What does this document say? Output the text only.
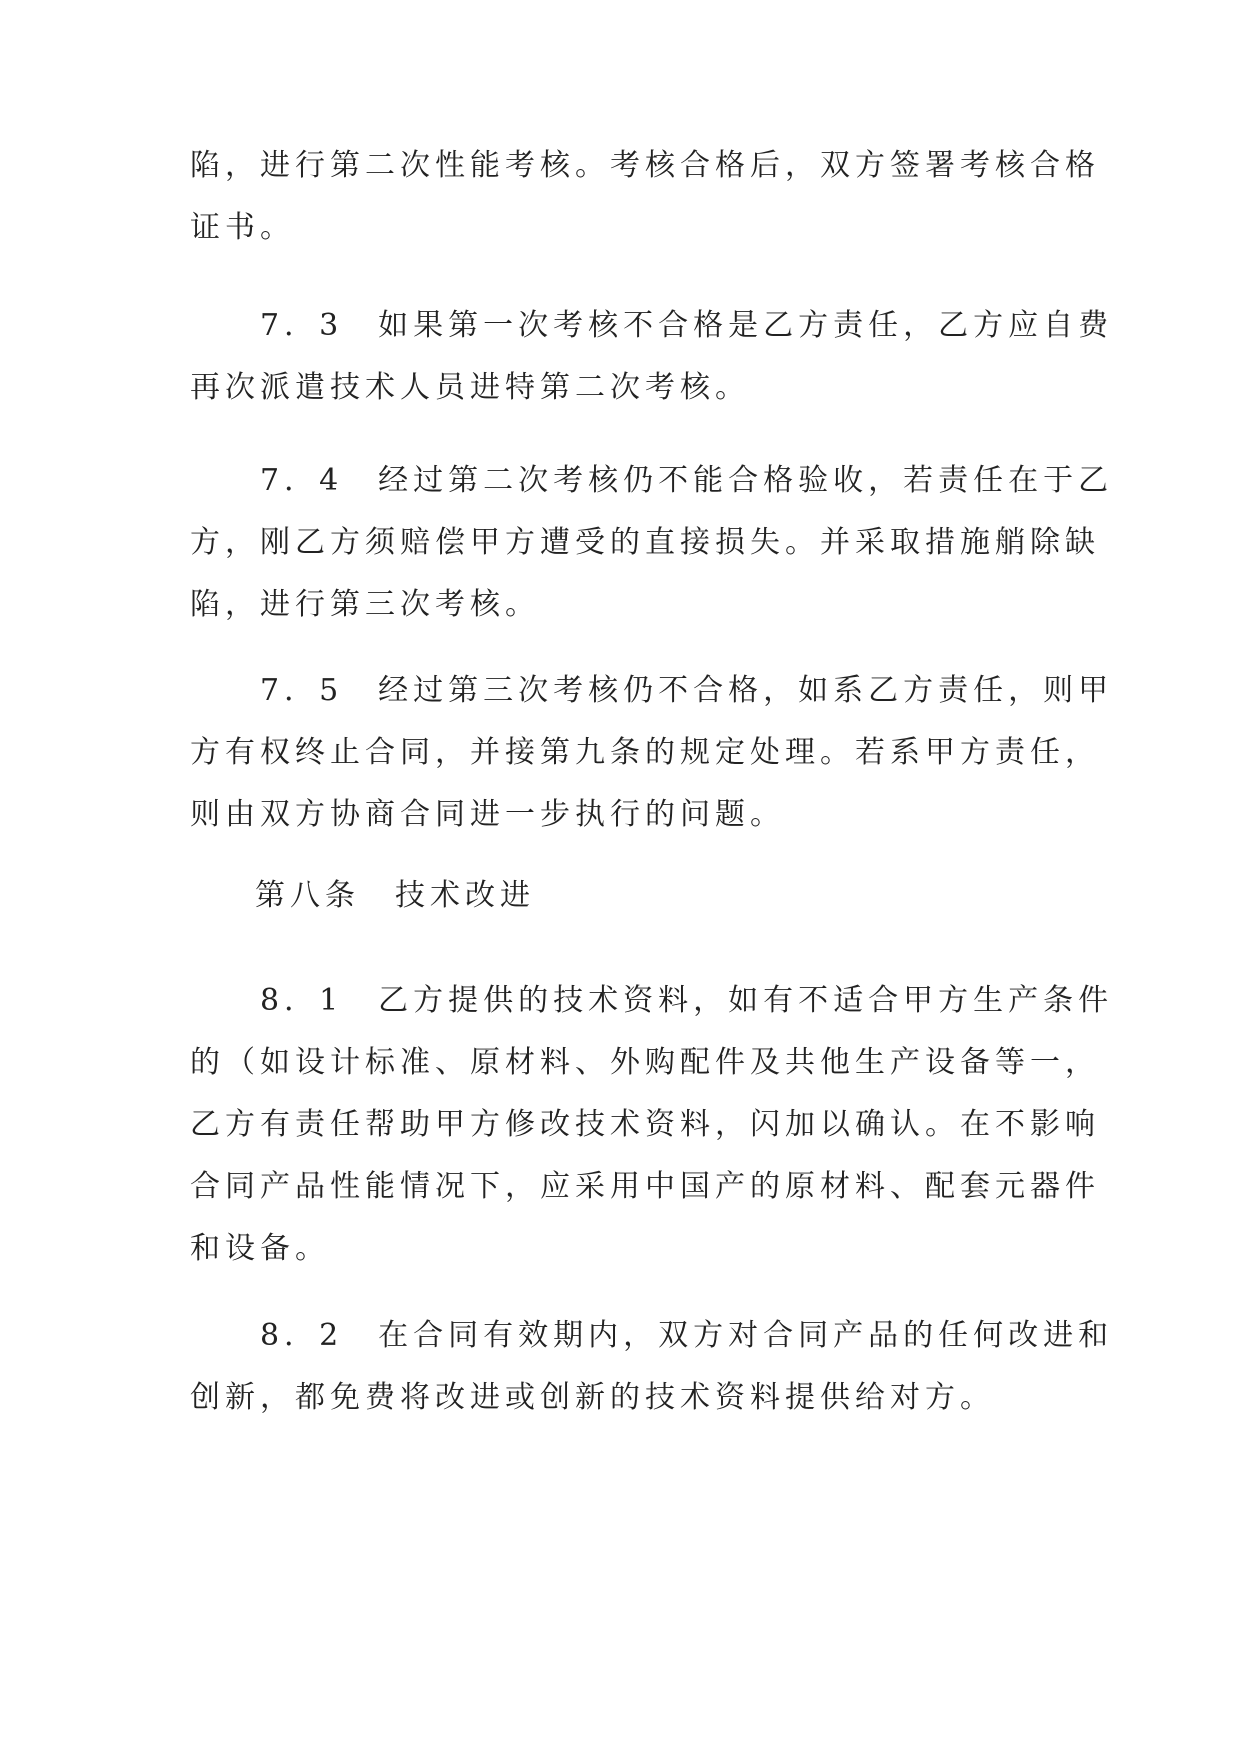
陷，进行第二次性能考核。考核合格后，双方签署考核合格
证书。

　　7．3　如果第一次考核不合格是乙方责任，乙方应自费
再次派遣技术人员进特第二次考核。

　　7．4　经过第二次考核仍不能合格验收，若责任在于乙
方，刚乙方须赔偿甲方遭受的直接损失。并采取措施艄除缺
陷，进行第三次考核。

　　7．5　经过第三次考核仍不合格，如系乙方责任，则甲
方有权终止合同，并接第九条的规定处理。若系甲方责任，
则由双方协商合同进一步执行的问题。

第八条　技术改进

　　8．1　乙方提供的技术资料，如有不适合甲方生产条件
的（如设计标准、原材料、外购配件及共他生产设备等一，
乙方有责任帮助甲方修改技术资料，闪加以确认。在不影响
合同产品性能情况下，应采用中国产的原材料、配套元器件
和设备。

　　8．2　在合同有效期内，双方对合同产品的任何改进和
创新，都免费将改进或创新的技术资料提供给对方。
